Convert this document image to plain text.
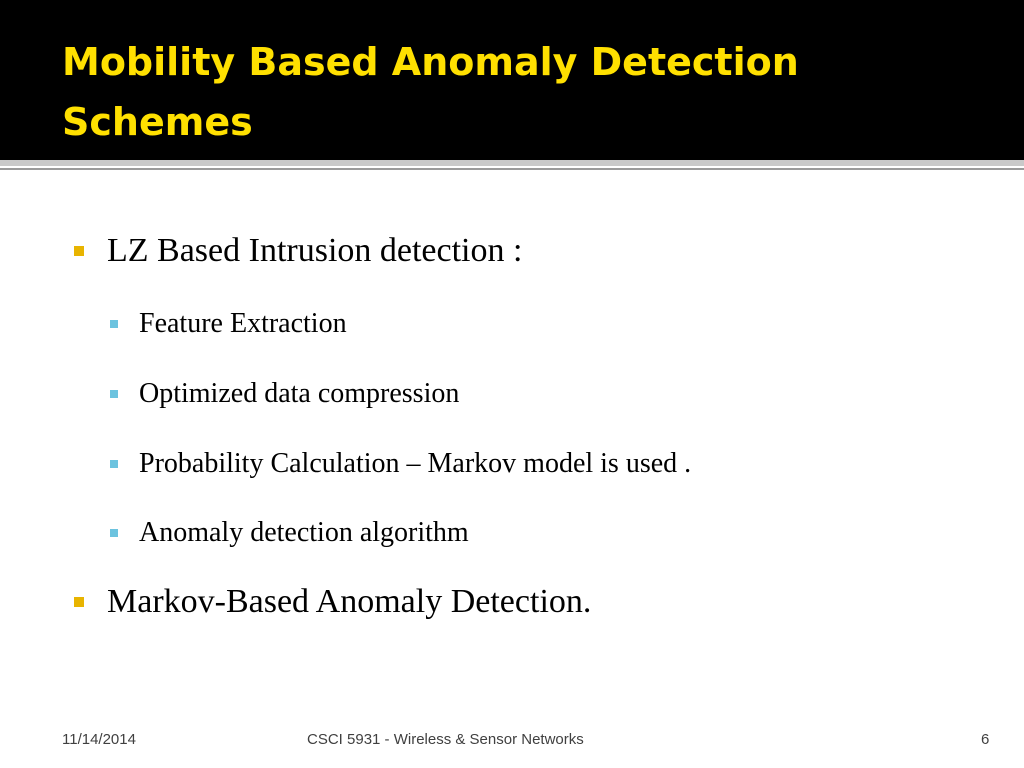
Mobility Based Anomaly Detection Schemes
LZ Based Intrusion detection :
Feature Extraction
Optimized data compression
Probability Calculation – Markov model is used .
Anomaly detection algorithm
Markov-Based Anomaly Detection.
11/14/2014	CSCI 5931 - Wireless & Sensor Networks	6
